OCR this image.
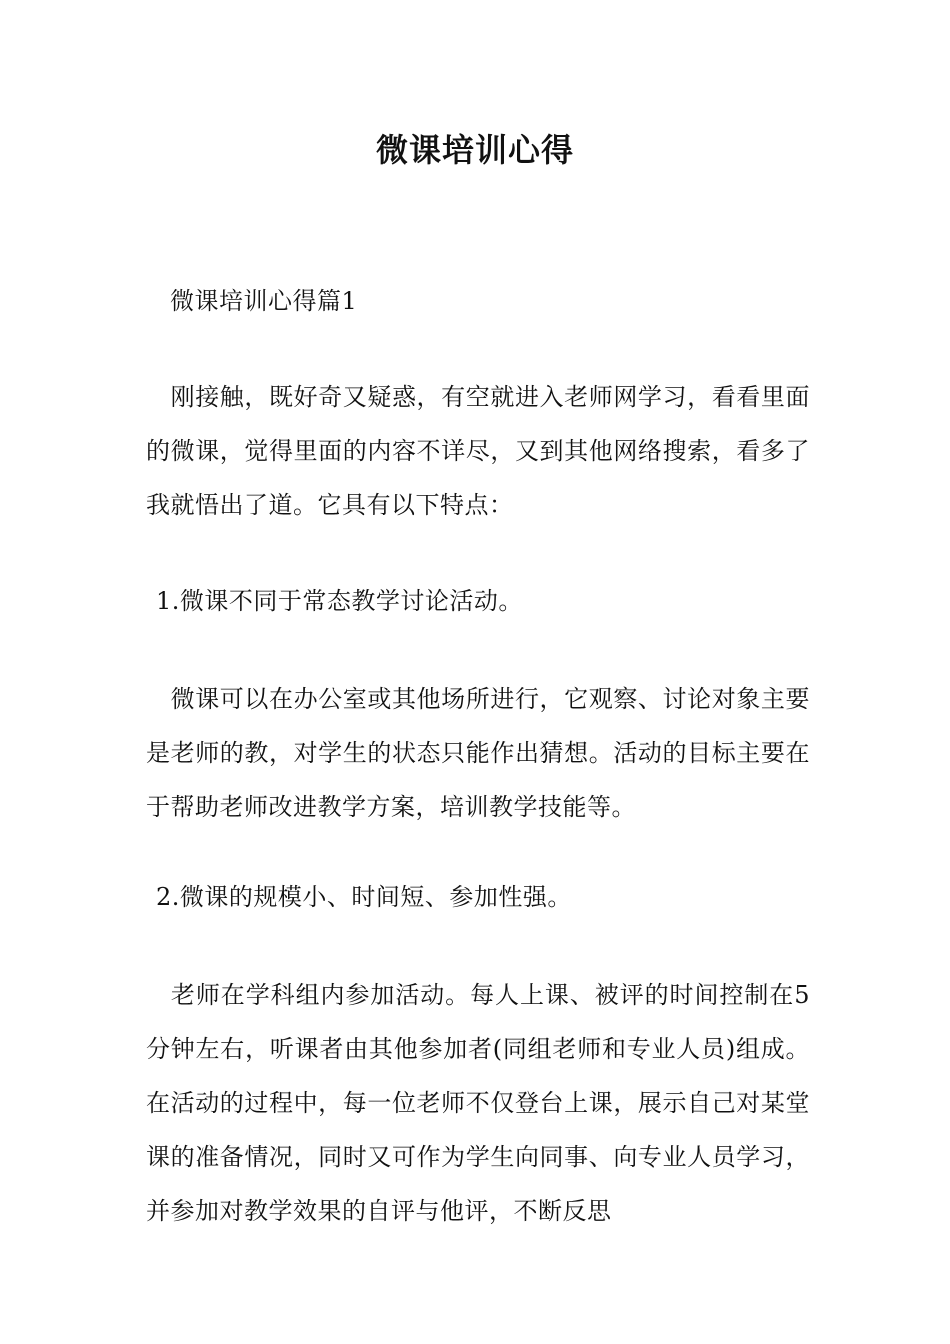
微课培训心得
微课培训心得篇1
　刚接触，既好奇又疑惑，有空就进入老师网学习，看看里面的微课，觉得里面的内容不详尽，又到其他网络搜索，看多了我就悟出了道。它具有以下特点：
1.微课不同于常态教学讨论活动。
　微课可以在办公室或其他场所进行，它观察、讨论对象主要是老师的教，对学生的状态只能作出猜想。活动的目标主要在于帮助老师改进教学方案，培训教学技能等。
2.微课的规模小、时间短、参加性强。
　老师在学科组内参加活动。每人上课、被评的时间控制在5分钟左右，听课者由其他参加者(同组老师和专业人员)组成。在活动的过程中，每一位老师不仅登台上课，展示自己对某堂课的准备情况，同时又可作为学生向同事、向专业人员学习，并参加对教学效果的自评与他评，不断反思
